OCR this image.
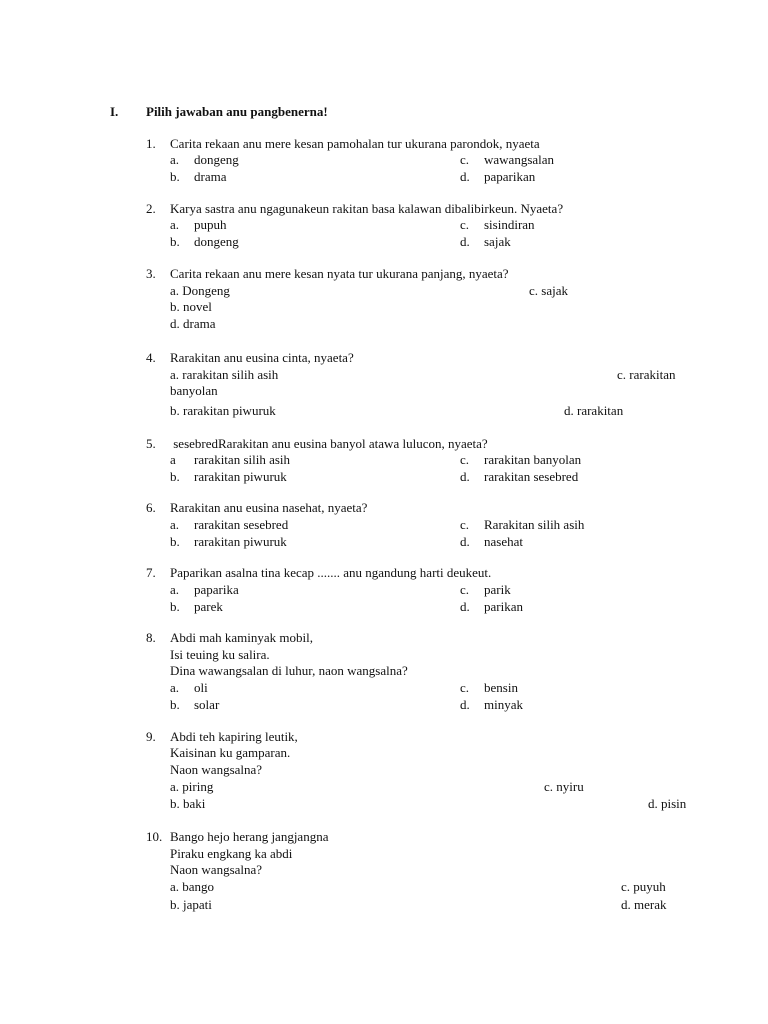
I. Pilih jawaban anu pangbenerna!
1. Carita rekaan anu mere kesan pamohalan tur ukurana parondok, nyaeta
a. dongeng	c. wawangsalan
b. drama	d. paparikan
2. Karya sastra anu ngagunakeun rakitan basa kalawan dibalibirkeun. Nyaeta?
a. pupuh	c. sisindiran
b. dongeng	d. sajak
3. Carita rekaan anu mere kesan nyata tur ukurana panjang, nyaeta?
a. Dongeng	c. sajak
b. novel
d. drama
4. Rarakitan anu eusina cinta, nyaeta?
a. rarakitan silih asih	c. rarakitan
banyolan
b. rarakitan piwuruk	d. rarakitan
5. sesebredRarakitan anu eusina banyol atawa lulucon, nyaeta?
a rarakitan silih asih	c. rarakitan banyolan
b. rarakitan piwuruk	d. rarakitan sesebred
6. Rarakitan anu eusina nasehat, nyaeta?
a. rarakitan sesebred	c. Rarakitan silih asih
b. rarakitan piwuruk	d. nasehat
7. Paparikan asalna tina kecap ....... anu ngandung harti deukeut.
a. paparika	c. parik
b. parek	d. parikan
8. Abdi mah kaminyak mobil,
Isi teuing ku salira.
Dina wawangsalan di luhur, naon wangsalna?
a. oli	c. bensin
b. solar	d. minyak
9. Abdi teh kapiring leutik,
Kaisinan ku gamparan.
Naon wangsalna?
a. piring	c. nyiru
b. baki	d. pisin
10. Bango hejo herang jangjangna
Piraku engkang ka abdi
Naon wangsalna?
a. bango	c. puyuh
b. japati	d. merak
